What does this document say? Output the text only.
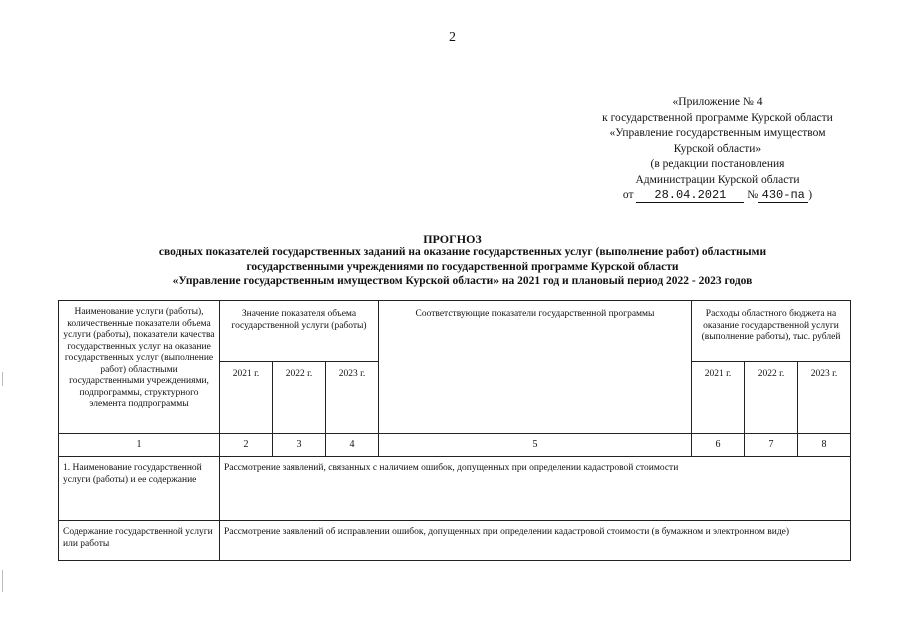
2
«Приложение № 4
к государственной программе Курской области
«Управление государственным имуществом
Курской области»
(в редакции постановления
Администрации Курской области
от 28.04.2021 № 430-па )
ПРОГНОЗ
сводных показателей государственных заданий на оказание государственных услуг (выполнение работ) областными
государственными учреждениями по государственной программе Курской области
«Управление государственным имуществом Курской области» на 2021 год и плановый период 2022 - 2023 годов
Наименование услуги (работы), количественные показатели объема услуги (работы), показатели качества государственных услуг на оказание государственных услуг (выполнение работ) областными государственными учреждениями, подпрограммы, структурного элемента подпрограммы	Значение показателя объема государственной услуги (работы)			Соответствующие показатели государственной программы	Расходы областного бюджета на оказание государственной услуги (выполнение работы), тыс. рублей		
	2021 г.	2022 г.	2023 г.		2021 г.	2022 г.	2023 г.
1	2	3	4	5	6	7	8
1. Наименование государственной услуги (работы) и ее содержание	Рассмотрение заявлений, связанных с наличием ошибок, допущенных при определении кадастровой стоимости						
Содержание государственной услуги или работы	Рассмотрение заявлений об исправлении ошибок, допущенных при определении кадастровой стоимости (в бумажном и электронном виде)						
